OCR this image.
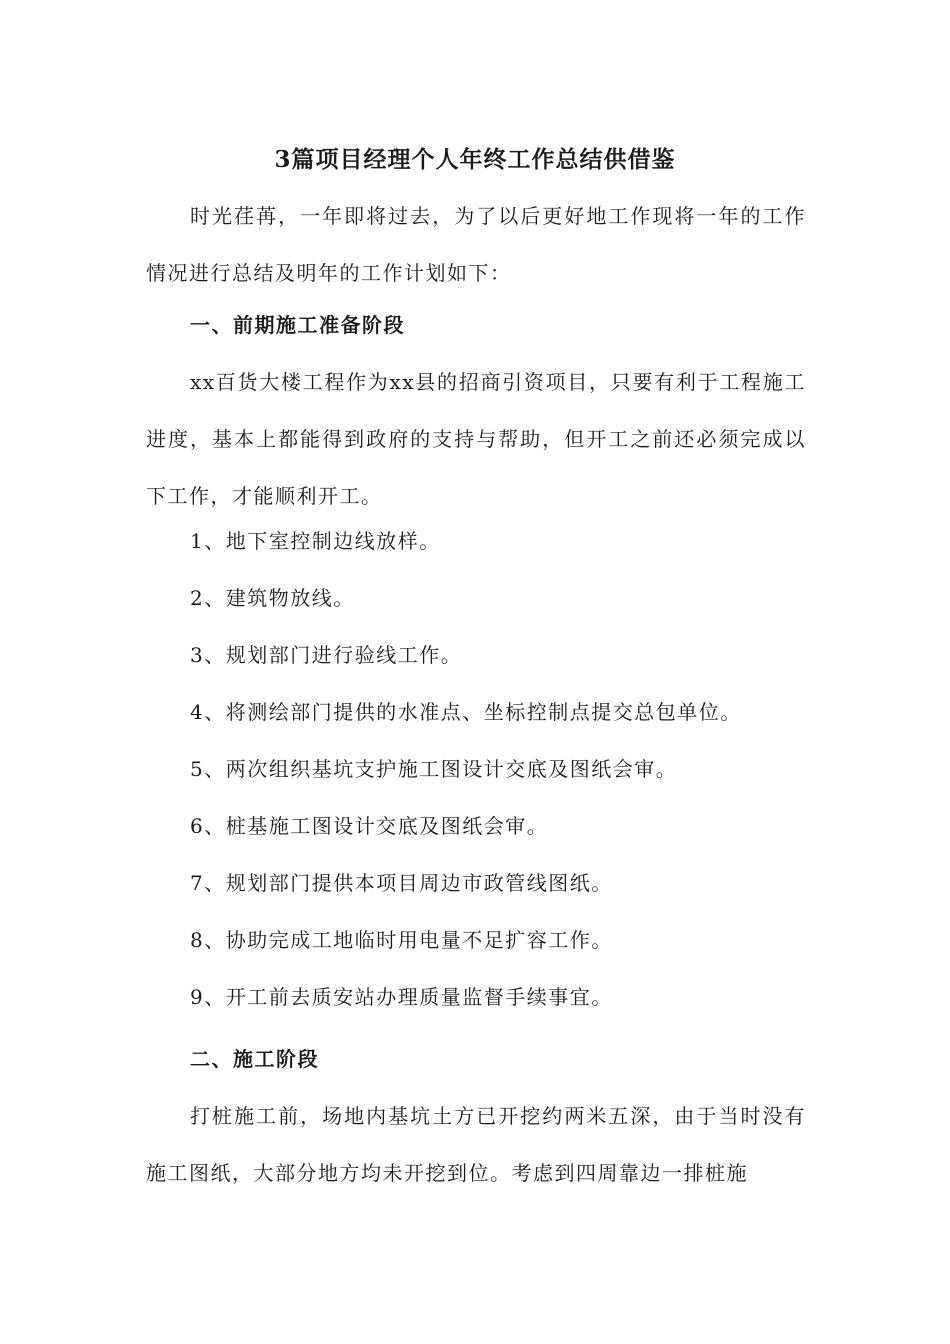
3篇项目经理个人年终工作总结供借鉴
时光荏苒，一年即将过去，为了以后更好地工作现将一年的工作情况进行总结及明年的工作计划如下：
一、前期施工准备阶段
xx百货大楼工程作为xx县的招商引资项目，只要有利于工程施工进度，基本上都能得到政府的支持与帮助，但开工之前还必须完成以下工作，才能顺利开工。
1、地下室控制边线放样。
2、建筑物放线。
3、规划部门进行验线工作。
4、将测绘部门提供的水准点、坐标控制点提交总包单位。
5、两次组织基坑支护施工图设计交底及图纸会审。
6、桩基施工图设计交底及图纸会审。
7、规划部门提供本项目周边市政管线图纸。
8、协助完成工地临时用电量不足扩容工作。
9、开工前去质安站办理质量监督手续事宜。
二、施工阶段
打桩施工前，场地内基坑土方已开挖约两米五深，由于当时没有施工图纸，大部分地方均未开挖到位。考虑到四周靠边一排桩施
